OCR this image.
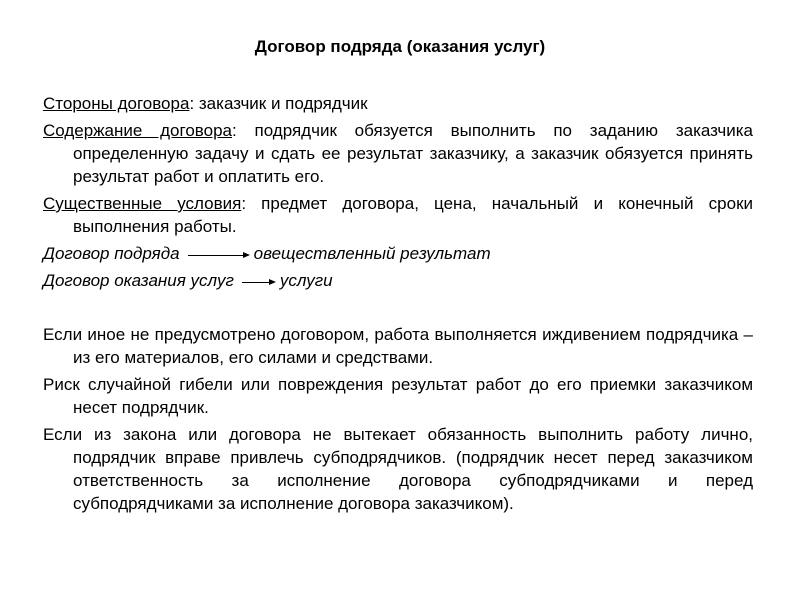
Договор подряда (оказания услуг)

Стороны договора: заказчик и подрядчик

Содержание договора: подрядчик обязуется выполнить по заданию заказчика определенную задачу и сдать ее результат заказчику, а заказчик обязуется принять результат работ и оплатить его.

Существенные условия: предмет договора, цена, начальный и конечный сроки выполнения работы.

Договор подряда	овеществленный результат
Договор оказания услуг	услуги

Если иное не предусмотрено договором, работа выполняется иждивением подрядчика – из его материалов, его силами и средствами.

Риск случайной гибели или повреждения результат работ до его приемки заказчиком несет подрядчик.

Если из закона или договора не вытекает обязанность выполнить работу лично, подрядчик вправе привлечь субподрядчиков. (подрядчик несет перед заказчиком ответственность за исполнение договора субподрядчиками и перед субподрядчиками за исполнение договора заказчиком).
